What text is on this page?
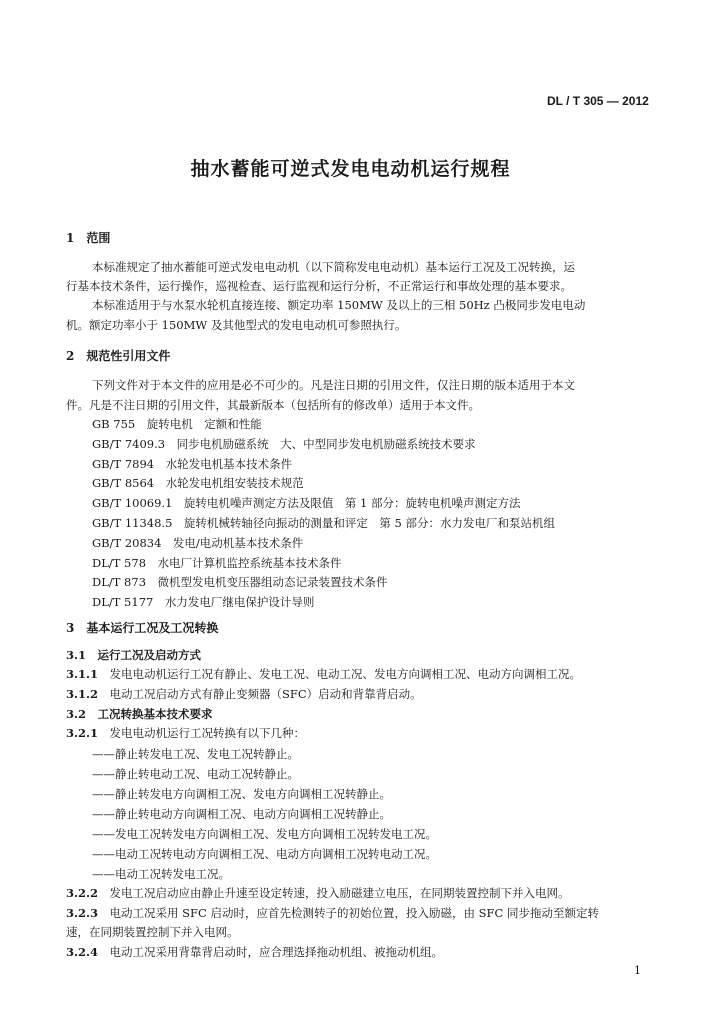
DL / T 305 — 2012
抽水蓄能可逆式发电电动机运行规程
1　 范围
本标准规定了抽水蓄能可逆式发电电动机（以下简称发电电动机）基本运行工况及工况转换，运
行基本技术条件，运行操作，巡视检查、运行监视和运行分析，不正常运行和事故处理的基本要求。
本标准适用于与水泵水轮机直接连接、额定功率 150MW 及以上的三相 50Hz 凸极同步发电电动
机。额定功率小于 150MW 及其他型式的发电电动机可参照执行。
2　 规范性引用文件
下列文件对于本文件的应用是必不可少的。凡是注日期的引用文件，仅注日期的版本适用于本文
件。凡是不注日期的引用文件，其最新版本（包括所有的修改单）适用于本文件。
GB 755　旋转电机　定额和性能
GB/T 7409.3　同步电机励磁系统　大、中型同步发电机励磁系统技术要求
GB/T 7894　水轮发电机基本技术条件
GB/T 8564　水轮发电机组安装技术规范
GB/T 10069.1　旋转电机噪声测定方法及限值　第 1 部分：旋转电机噪声测定方法
GB/T 11348.5　旋转机械转轴径向振动的测量和评定　第 5 部分：水力发电厂和泵站机组
GB/T 20834　发电/电动机基本技术条件
DL/T 578　水电厂计算机监控系统基本技术条件
DL/T 873　微机型发电机变压器组动态记录装置技术条件
DL/T 5177　水力发电厂继电保护设计导则
3　 基本运行工况及工况转换
3.1　 运行工况及启动方式
3.1.1　 发电电动机运行工况有静止、发电工况、电动工况、发电方向调相工况、电动方向调相工况。
3.1.2　 电动工况启动方式有静止变频器（SFC）启动和背靠背启动。
3.2　 工况转换基本技术要求
3.2.1　 发电电动机运行工况转换有以下几种：
——静止转发电工况、发电工况转静止。
——静止转电动工况、电动工况转静止。
——静止转发电方向调相工况、发电方向调相工况转静止。
——静止转电动方向调相工况、电动方向调相工况转静止。
——发电工况转发电方向调相工况、发电方向调相工况转发电工况。
——电动工况转电动方向调相工况、电动方向调相工况转电动工况。
——电动工况转发电工况。
3.2.2　 发电工况启动应由静止升速至设定转速，投入励磁建立电压，在同期装置控制下并入电网。
3.2.3　 电动工况采用 SFC 启动时，应首先检测转子的初始位置，投入励磁，由 SFC 同步拖动至额定转
速，在同期装置控制下并入电网。
3.2.4　 电动工况采用背靠背启动时，应合理选择拖动机组、被拖动机组。
1
